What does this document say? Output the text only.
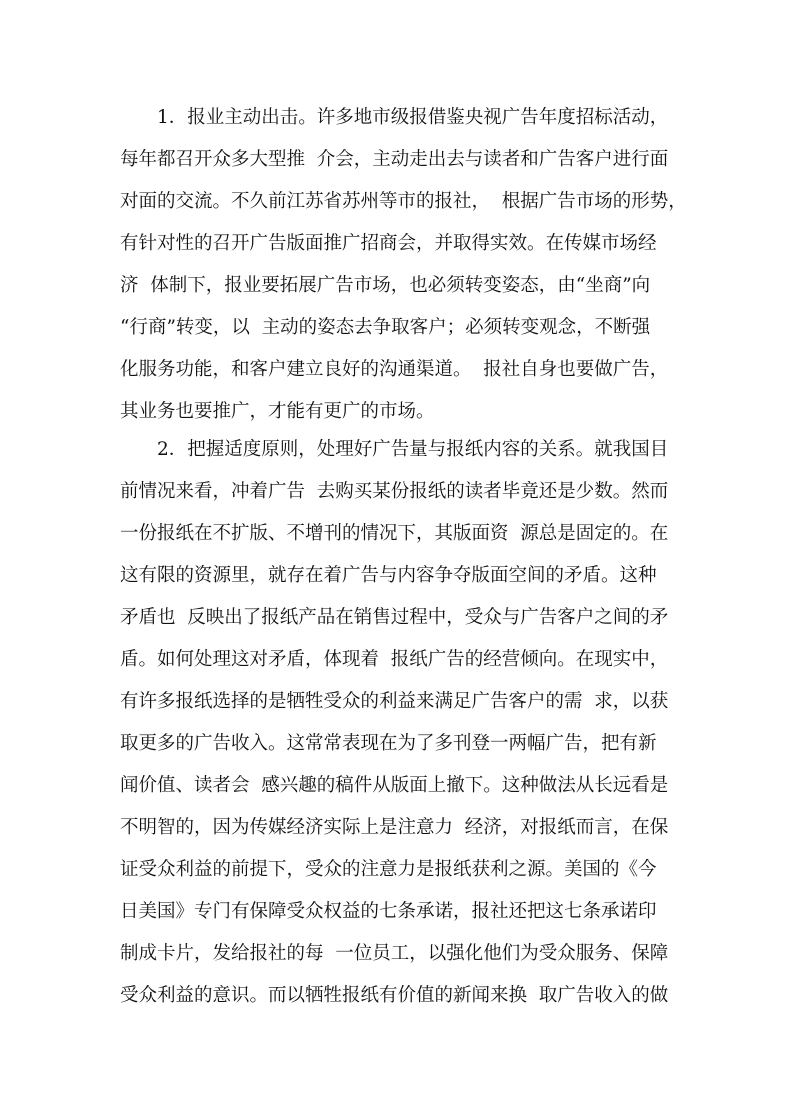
1．报业主动出击。许多地市级报借鉴央视广告年度招标活动，
每年都召开众多大型推  介会，主动走出去与读者和广告客户进行面
对面的交流。不久前江苏省苏州等市的报社，  根据广告市场的形势，
有针对性的召开广告版面推广招商会，并取得实效。在传媒市场经
济  体制下，报业要拓展广告市场，也必须转变姿态，由“坐商”向
“行商”转变，以  主动的姿态去争取客户；必须转变观念，不断强
化服务功能，和客户建立良好的沟通渠道。  报社自身也要做广告，
其业务也要推广，才能有更广的市场。
2．把握适度原则，处理好广告量与报纸内容的关系。就我国目
前情况来看，冲着广告  去购买某份报纸的读者毕竟还是少数。然而
一份报纸在不扩版、不增刊的情况下，其版面资  源总是固定的。在
这有限的资源里，就存在着广告与内容争夺版面空间的矛盾。这种
矛盾也  反映出了报纸产品在销售过程中，受众与广告客户之间的矛
盾。如何处理这对矛盾，体现着  报纸广告的经营倾向。在现实中，
有许多报纸选择的是牺牲受众的利益来满足广告客户的需  求，以获
取更多的广告收入。这常常表现在为了多刊登一两幅广告，把有新
闻价值、读者会  感兴趣的稿件从版面上撤下。这种做法从长远看是
不明智的，因为传媒经济实际上是注意力  经济，对报纸而言，在保
证受众利益的前提下，受众的注意力是报纸获利之源。美国的《今
日美国》专门有保障受众权益的七条承诺，报社还把这七条承诺印
制成卡片，发给报社的每  一位员工，以强化他们为受众服务、保障
受众利益的意识。而以牺牲报纸有价值的新闻来换  取广告收入的做
